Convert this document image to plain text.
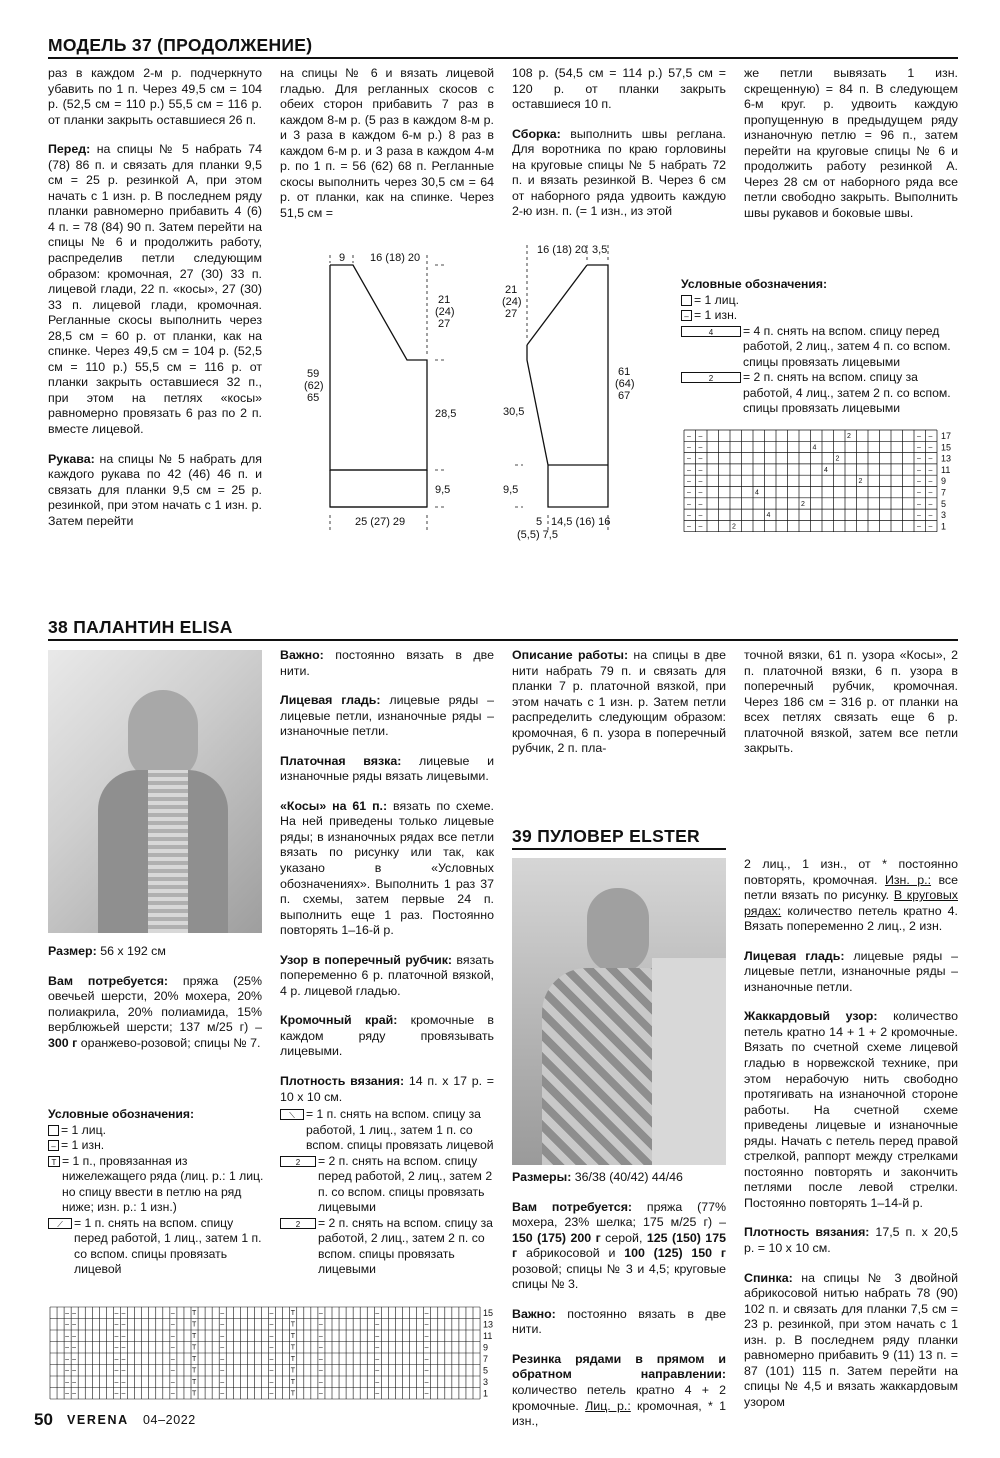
МОДЕЛЬ 37 (ПРОДОЛЖЕНИЕ)

раз в каждом 2-м р. подчеркнуто убавить по 1 п. Через 49,5 см = 104 р. (52,5 см = 110 р.) 55,5 см = 116 р. от планки закрыть оставшиеся 26 п.

Перед: на спицы № 5 набрать 74 (78) 86 п. и связать для планки 9,5 см = 25 р. резинкой А, при этом начать с 1 изн. р. В последнем ряду планки равномерно прибавить 4 (6) 4 п. = 78 (84) 90 п. Затем перейти на спицы № 6 и продолжить работу, распределив петли следующим образом: кромочная, 27 (30) 33 п. лицевой глади, 22 п. «косы», 27 (30) 33 п. лицевой глади, кромочная. Регланные скосы выполнить через 28,5 см = 60 р. от планки, как на спинке. Через 49,5 см = 104 р. (52,5 см = 110 р.) 55,5 см = 116 р. от планки закрыть оставшиеся 32 п., при этом на петлях «косы» равномерно провязать 6 раз по 2 п. вместе лицевой.

Рукава: на спицы № 5 набрать для каждого рукава по 42 (46) 46 п. и связать для планки 9,5 см = 25 р. резинкой, при этом начать с 1 изн. р. Затем перейти

на спицы № 6 и вязать лицевой гладью. Для регланных скосов с обеих сторон прибавить 7 раз в каждом 8-м р. (5 раз в каждом 8-м р. и 3 раза в каждом 6-м р.) 8 раз в каждом 6-м р. и 3 раза в каждом 4-м р. по 1 п. = 56 (62) 68 п. Регланные скосы выполнить через 30,5 см = 64 р. от планки, как на спинке. Через 51,5 см =

108 р. (54,5 см = 114 р.) 57,5 см = 120 р. от планки закрыть оставшиеся 10 п.

Сборка: выполнить швы реглана. Для воротника по краю горловины на круговые спицы № 5 набрать 72 п. и вязать резинкой В. Через 6 см от наборного ряда удвоить каждую 2-ю изн. п. (= 1 изн., из этой

же петли вывязать 1 изн. скрещенную) = 84 п. В следующем 6-м круг. р. удвоить каждую пропущенную в предыдущем ряду изнаночную петлю = 96 п., затем перейти на круговые спицы № 6 и продолжить работу резинкой А. Через 28 см от наборного ряда все петли свободно закрыть. Выполнить швы рукавов и боковые швы.

9 16 (18) 20
21
(24)
27
59
(62)
65
28,5
9,5
25 (27) 29
16 (18) 20 3,5
21
(24)
27
61
(64)
67
30,5
9,5
5
(5,5) 7,5
14,5 (16) 16
Условные обозначения:
= 1 лиц.
– = 1 изн.
4	= 4 п. снять на вспом. спицу перед работой, 2 лиц., затем 4 п. со вспом. спицы провязать лицевыми
2	= 2 п. снять на вспом. спицу за работой, 4 лиц., затем 2 п. со вспом. спицы провязать лицевыми
– –	– –
– –	– –
– –	– –
– –	– –
– –	– –
– –	– –
– –	– –
– –	– –
– –	– –
17
15
13
11
9
7
5
3
1
2
4
2
4
2
4
2
4
2
38 ПАЛАНТИН ELISA

Размер: 56 х 192 см

Вам потребуется: пряжа (25% овечьей шерсти, 20% мохера, 20% полиакрила, 20% полиамида, 15% верблюжьей шерсти; 137 м/25 г) – 300 г оранжево-розовой; спицы № 7.

Важно: постоянно вязать в две нити.

Лицевая гладь: лицевые ряды – лицевые петли, изнаночные ряды – изнаночные петли.

Платочная вязка: лицевые и изнаночные ряды вязать лицевыми.

«Косы» на 61 п.: вязать по схеме. На ней приведены только лицевые ряды; в изнаночных рядах все петли вязать по рисунку или так, как указано в «Условных обозначениях». Выполнить 1 раз 37 п. схемы, затем первые 24 п. выполнить еще 1 раз. Постоянно повторять 1–16-й р.

Узор в поперечный рубчик: вязать попеременно 6 р. платочной вязкой, 4 р. лицевой гладью.

Кромочный край: кромочные в каждом ряду провязывать лицевыми.

Плотность вязания: 14 п. х 17 р. = 10 х 10 см.

Описание работы: на спицы в две нити набрать 79 п. и связать для планки 7 р. платочной вязкой, при этом начать с 1 изн. р. Затем петли распределить следующим образом: кромочная, 6 п. узора в поперечный рубчик, 2 п. пла-

точной вязки, 61 п. узора «Косы», 2 п. платочной вязки, 6 п. узора в поперечный рубчик, кромочная. Через 186 см = 316 р. от планки на всех петлях связать еще 6 р. платочной вязкой, затем все петли закрыть.

Условные обозначения:
= 1 лиц.
– = 1 изн.
T = 1 п., провязанная из нижележащего ряда (лиц. р.: 1 лиц. но спицу ввести в петлю на ряд ниже; изн. р.: 1 изн.)
⟋ = 1 п. снять на вспом. спицу перед работой, 1 лиц., затем 1 п. со вспом. спицы провязать лицевой
⟍ = 1 п. снять на вспом. спицу за работой, 1 лиц., затем 1 п. со вспом. спицы провязать лицевой
2	= 2 п. снять на вспом. спицу перед работой, 2 лиц., затем 2 п. со вспом. спицы провязать лицевыми
2	= 2 п. снять на вспом. спицу за работой, 2 лиц., затем 2 п. со вспом. спицы провязать лицевыми
– –	– –	–	–	–	–	–	–
T	T
– –	– –	–	–	–	–	–	–
T	T
– –	– –	–	–	–	–	–	–
T	T
– –	– –	–	–	–	–	–	–
T	T
– –	– –	–	–	–	–	–	–
T	T
– –	– –	–	–	–	–	–	–
T	T
– –	– –	–	–	–	–	–	–
T	T
– –	– –	–	–	–	–	–	–
T	T
15
13
11
9
7
5
3
1
39 ПУЛОВЕР ELSTER

Размеры: 36/38 (40/42) 44/46

Вам потребуется: пряжа (77% мохера, 23% шелка; 175 м/25 г) – 150 (175) 200 г серой, 125 (150) 175 г абрикосовой и 100 (125) 150 г розовой; спицы № 3 и 4,5; круговые спицы № 3.

Важно: постоянно вязать в две нити.

Резинка рядами в прямом и обратном направлении: количество петель кратно 4 + 2 кромочные. Лиц. р.: кромочная, * 1 изн.,

2 лиц., 1 изн., от * постоянно повторять, кромочная. Изн. р.: все петли вязать по рисунку. В круговых рядах: количество петель кратно 4. Вязать попеременно 2 лиц., 2 изн.

Лицевая гладь: лицевые ряды – лицевые петли, изнаночные ряды – изнаночные петли.

Жаккардовый узор: количество петель кратно 14 + 1 + 2 кромочные. Вязать по счетной схеме лицевой гладью в норвежской технике, при этом нерабочую нить свободно протягивать на изнаночной стороне работы. На счетной схеме приведены лицевые и изнаночные ряды. Начать с петель перед правой стрелкой, раппорт между стрелками постоянно повторять и закончить петлями после левой стрелки. Постоянно повторять 1–14-й р.

Плотность вязания: 17,5 п. х 20,5 р. = 10 х 10 см.

Спинка: на спицы № 3 двойной абрикосовой нитью набрать 78 (90) 102 п. и связать для планки 7,5 см = 23 р. резинкой, при этом начать с 1 изн. р. В последнем ряду планки равномерно прибавить 9 (11) 13 п. = 87 (101) 115 п. Затем перейти на спицы № 4,5 и вязать жаккардовым узором

50 VERENA 04–2022
